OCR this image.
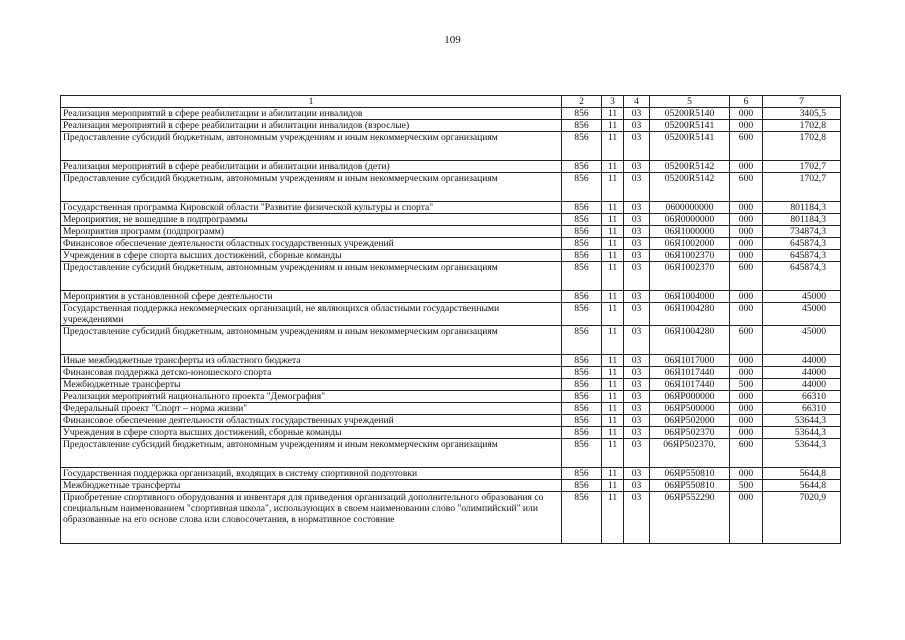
109
1	2	3	4	5	6	7
Реализация мероприятий в сфере реабилитации и абилитации инвалидов	856	11	03	05200R5140	000	3405,5
Реализация мероприятий в сфере реабилитации и абилитации инвалидов (взрослые)	856	11	03	05200R5141	000	1702,8
Предоставление субсидий бюджетным, автономным учреждениям и иным некоммерческим организациям	856	11	03	05200R5141	600	1702,8
Реализация мероприятий в сфере реабилитации и абилитации инвалидов (дети)	856	11	03	05200R5142	000	1702,7
Предоставление субсидий бюджетным, автономным учреждениям и иным некоммерческим организациям	856	11	03	05200R5142	600	1702,7
Государственная программа Кировской области "Развитие физической культуры и спорта"	856	11	03	0600000000	000	801184,3
Мероприятия, не вошедшие в подпрограммы	856	11	03	06Я0000000	000	801184,3
Мероприятия программ (подпрограмм)	856	11	03	06Я1000000	000	734874,3
Финансовое обеспечение деятельности областных государственных учреждений	856	11	03	06Я1002000	000	645874,3
Учреждения в сфере спорта высших достижений, сборные команды	856	11	03	06Я1002370	000	645874,3
Предоставление субсидий бюджетным, автономным учреждениям и иным некоммерческим организациям	856	11	03	06Я1002370	600	645874,3
Мероприятия в установленной сфере деятельности	856	11	03	06Я1004000	000	45000
Государственная поддержка некоммерческих организаций, не являющихся областными государственными учреждениями	856	11	03	06Я1004280	000	45000
Предоставление субсидий бюджетным, автономным учреждениям и иным некоммерческим организациям	856	11	03	06Я1004280	600	45000
Иные межбюджетные трансферты из областного бюджета	856	11	03	06Я1017000	000	44000
Финансовая поддержка детско-юношеского спорта	856	11	03	06Я1017440	000	44000
Межбюджетные трансферты	856	11	03	06Я1017440	500	44000
Реализация мероприятий национального проекта "Демография"	856	11	03	06ЯР000000	000	66310
Федеральный проект "Спорт – норма жизни"	856	11	03	06ЯР500000	000	66310
Финансовое обеспечение деятельности областных государственных учреждений	856	11	03	06ЯР502000	000	53644,3
Учреждения в сфере спорта высших достижений, сборные команды	856	11	03	06ЯР502370	000	53644,3
Предоставление субсидий бюджетным, автономным учреждениям и иным некоммерческим организациям	856	11	03	06ЯР502370.	600	53644,3
Государственная поддержка организаций, входящих в систему спортивной подготовки	856	11	03	06ЯР550810	000	5644,8
Межбюджетные трансферты	856	11	03	06ЯР550810	500	5644,8
Приобретение спортивного оборудования и инвентаря для приведения организаций дополнительного образования со специальным наименованием "спортивная школа", использующих в своем наименовании слово "олимпийский" или образованные на его основе слова или словосочетания, в нормативное состояние	856	11	03	06ЯР552290	000	7020,9
